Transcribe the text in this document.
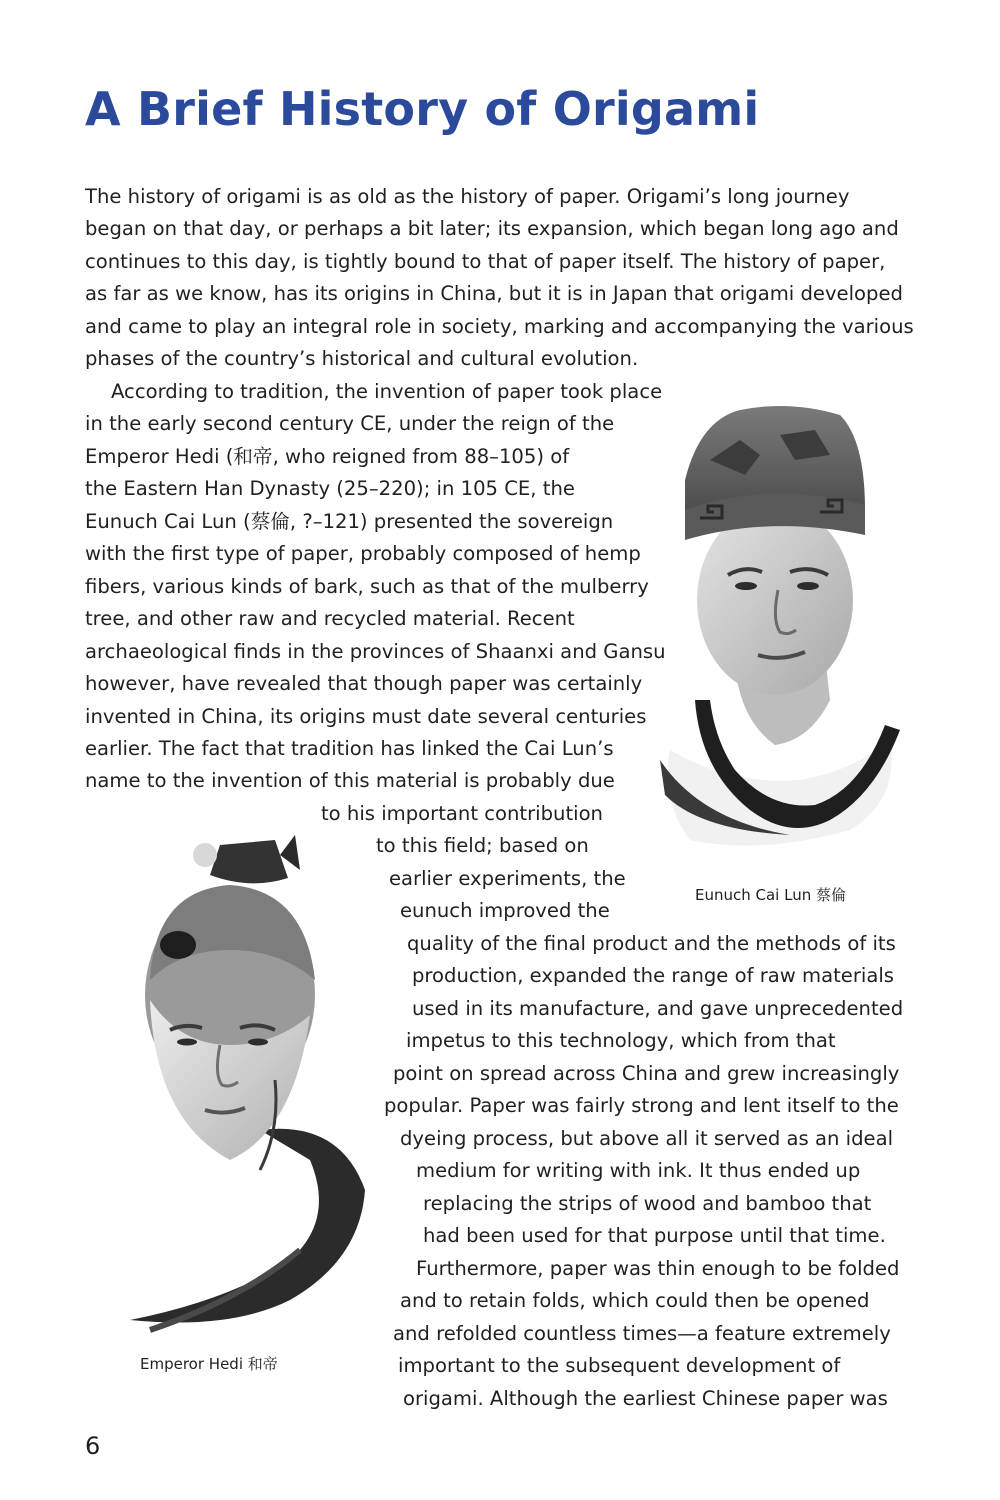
A Brief History of Origami

The history of origami is as old as the history of paper. Origami’s long journey

began on that day, or perhaps a bit later; its expansion, which began long ago and

continues to this day, is tightly bound to that of paper itself. The history of paper,

as far as we know, has its origins in China, but it is in Japan that origami developed

and came to play an integral role in society, marking and accompanying the various

phases of the country’s historical and cultural evolution.

According to tradition, the invention of paper took place

in the early second century CE, under the reign of the

Emperor Hedi (和帝, who reigned from 88–105) of

the Eastern Han Dynasty (25–220); in 105 CE, the

Eunuch Cai Lun (蔡倫, ?–121) presented the sovereign

with the first type of paper, probably composed of hemp

fibers, various kinds of bark, such as that of the mulberry

tree, and other raw and recycled material. Recent

archaeological finds in the provinces of Shaanxi and Gansu

however, have revealed that though paper was certainly

invented in China, its origins must date several centuries

earlier. The fact that tradition has linked the Cai Lun’s

name to the invention of this material is probably due

to his important contribution

to this field; based on

earlier experiments, the

eunuch improved the

quality of the final product and the methods of its

production, expanded the range of raw materials

used in its manufacture, and gave unprecedented

impetus to this technology, which from that

point on spread across China and grew increasingly

popular. Paper was fairly strong and lent itself to the

dyeing process, but above all it served as an ideal

medium for writing with ink. It thus ended up

replacing the strips of wood and bamboo that

had been used for that purpose until that time.

Furthermore, paper was thin enough to be folded

and to retain folds, which could then be opened

and refolded countless times—a feature extremely

important to the subsequent development of

origami. Although the earliest Chinese paper was

Eunuch Cai Lun 蔡倫
Emperor Hedi 和帝
6
